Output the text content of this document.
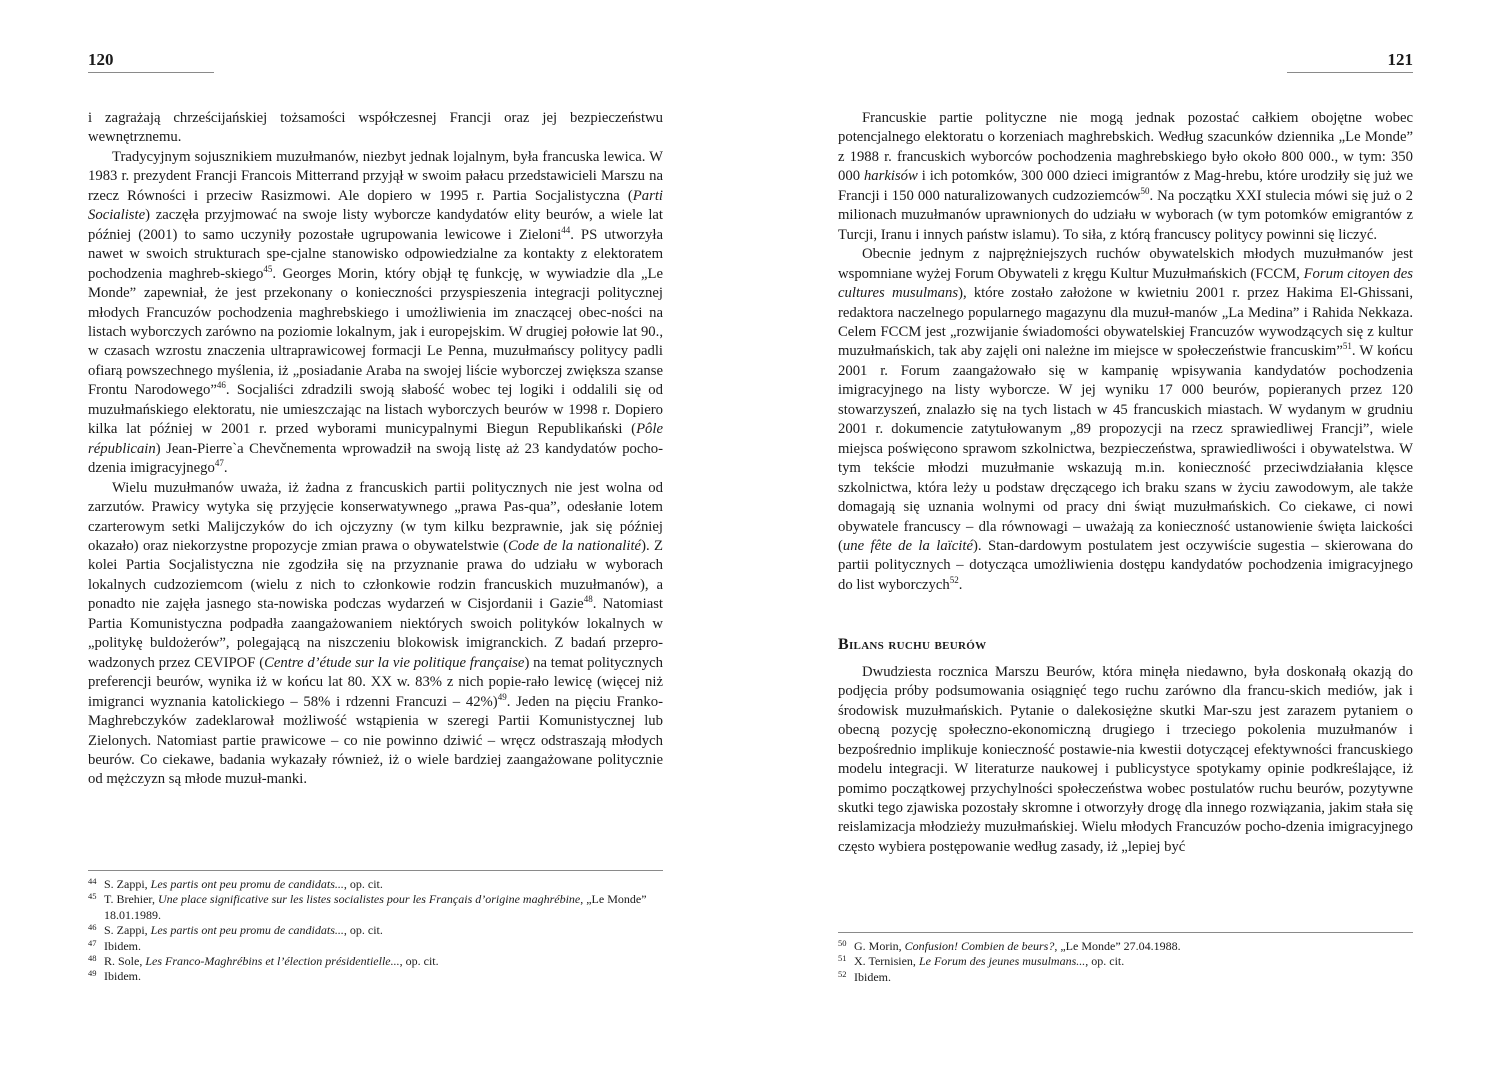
120

i zagrażają chrześcijańskiej tożsamości współczesnej Francji oraz jej bezpieczeństwu wewnętrznemu.

Tradycyjnym sojusznikiem muzułmanów, niezbyt jednak lojalnym, była francuska lewica. W 1983 r. prezydent Francji Francois Mitterrand przyjął w swoim pałacu przedstawicieli Marszu na rzecz Równości i przeciw Rasizmowi. Ale dopiero w 1995 r. Partia Socjalistyczna (Parti Socialiste) zaczęła przyjmować na swoje listy wyborcze kandydatów elity beurów, a wiele lat później (2001) to samo uczyniły pozostałe ugrupowania lewicowe i Zieloni$^{44}$. PS utworzyła nawet w swoich strukturach spe-cjalne stanowisko odpowiedzialne za kontakty z elektoratem pochodzenia maghreb-skiego$^{45}$. Georges Morin, który objął tę funkcję, w wywiadzie dla „Le Monde” zapewniał, że jest przekonany o konieczności przyspieszenia integracji politycznej młodych Francuzów pochodzenia maghrebskiego i umożliwienia im znaczącej obec-ności na listach wyborczych zarówno na poziomie lokalnym, jak i europejskim. W drugiej połowie lat 90., w czasach wzrostu znaczenia ultraprawicowej formacji Le Penna, muzułmańscy politycy padli ofiarą powszechnego myślenia, iż „posiadanie Araba na swojej liście wyborczej zwiększa szanse Frontu Narodowego”$^{46}$. Socjaliści zdradzili swoją słabość wobec tej logiki i oddalili się od muzułmańskiego elektoratu, nie umieszczając na listach wyborczych beurów w 1998 r. Dopiero kilka lat później w 2001 r. przed wyborami municypalnymi Biegun Republikański (Pôle républicain) Jean-Pierre`a Chevčnementa wprowadził na swoją listę aż 23 kandydatów pocho-dzenia imigracyjnego$^{47}$.

Wielu muzułmanów uważa, iż żadna z francuskich partii politycznych nie jest wolna od zarzutów. Prawicy wytyka się przyjęcie konserwatywnego „prawa Pas-qua”, odesłanie lotem czarterowym setki Malijczyków do ich ojczyzny (w tym kilku bezprawnie, jak się później okazało) oraz niekorzystne propozycje zmian prawa o obywatelstwie (Code de la nationalité). Z kolei Partia Socjalistyczna nie zgodziła się na przyznanie prawa do udziału w wyborach lokalnych cudzoziemcom (wielu z nich to członkowie rodzin francuskich muzułmanów), a ponadto nie zajęła jasnego sta-nowiska podczas wydarzeń w Cisjordanii i Gazie$^{48}$. Natomiast Partia Komunistyczna podpadła zaangażowaniem niektórych swoich polityków lokalnych w „politykę buldożerów”, polegającą na niszczeniu blokowisk imigranckich. Z badań przepro-wadzonych przez CEVIPOF (Centre d’étude sur la vie politique française) na temat politycznych preferencji beurów, wynika iż w końcu lat 80. XX w. 83% z nich popie-rało lewicę (więcej niż imigranci wyznania katolickiego – 58% i rdzenni Francuzi – 42%)$^{49}$. Jeden na pięciu Franko-Maghrebczyków zadeklarował możliwość wstąpienia w szeregi Partii Komunistycznej lub Zielonych. Natomiast partie prawicowe – co nie powinno dziwić – wręcz odstraszają młodych beurów. Co ciekawe, badania wykazały również, iż o wiele bardziej zaangażowane politycznie od mężczyzn są młode muzuł-manki.

44 S. Zappi, Les partis ont peu promu de candidats..., op. cit.
45 T. Brehier, Une place significative sur les listes socialistes pour les Français d’origine maghrébine, „Le Monde” 18.01.1989.
46 S. Zappi, Les partis ont peu promu de candidats..., op. cit.
47 Ibidem.
48 R. Sole, Les Franco-Maghrébins et l’élection présidentielle..., op. cit.
49 Ibidem.
121

Francuskie partie polityczne nie mogą jednak pozostać całkiem obojętne wobec potencjalnego elektoratu o korzeniach maghrebskich. Według szacunków dziennika „Le Monde” z 1988 r. francuskich wyborców pochodzenia maghrebskiego było około 800 000., w tym: 350 000 harkisów i ich potomków, 300 000 dzieci imigrantów z Mag-hrebu, które urodziły się już we Francji i 150 000 naturalizowanych cudzoziemców$^{50}$. Na początku XXI stulecia mówi się już o 2 milionach muzułmanów uprawnionych do udziału w wyborach (w tym potomków emigrantów z Turcji, Iranu i innych państw islamu). To siła, z którą francuscy politycy powinni się liczyć.

Obecnie jednym z najprężniejszych ruchów obywatelskich młodych muzułmanów jest wspomniane wyżej Forum Obywateli z kręgu Kultur Muzułmańskich (FCCM, Forum citoyen des cultures musulmans), które zostało założone w kwietniu 2001 r. przez Hakima El-Ghissani, redaktora naczelnego popularnego magazynu dla muzuł-manów „La Medina” i Rahida Nekkaza. Celem FCCM jest „rozwijanie świadomości obywatelskiej Francuzów wywodzących się z kultur muzułmańskich, tak aby zajęli oni należne im miejsce w społeczeństwie francuskim”$^{51}$. W końcu 2001 r. Forum zaangażowało się w kampanię wpisywania kandydatów pochodzenia imigracyjnego na listy wyborcze. W jej wyniku 17 000 beurów, popieranych przez 120 stowarzyszeń, znalazło się na tych listach w 45 francuskich miastach. W wydanym w grudniu 2001 r. dokumencie zatytułowanym „89 propozycji na rzecz sprawiedliwej Francji”, wiele miejsca poświęcono sprawom szkolnictwa, bezpieczeństwa, sprawiedliwości i obywatelstwa. W tym tekście młodzi muzułmanie wskazują m.in. konieczność przeciwdziałania klęsce szkolnictwa, która leży u podstaw dręczącego ich braku szans w życiu zawodowym, ale także domagają się uznania wolnymi od pracy dni świąt muzułmańskich. Co ciekawe, ci nowi obywatele francuscy – dla równowagi – uważają za konieczność ustanowienie święta laickości (une fête de la laïcité). Stan-dardowym postulatem jest oczywiście sugestia – skierowana do partii politycznych – dotycząca umożliwienia dostępu kandydatów pochodzenia imigracyjnego do list wyborczych$^{52}$.

Bilans ruchu beurów

Dwudziesta rocznica Marszu Beurów, która minęła niedawno, była doskonałą okazją do podjęcia próby podsumowania osiągnięć tego ruchu zarówno dla francu-skich mediów, jak i środowisk muzułmańskich. Pytanie o dalekosiężne skutki Mar-szu jest zarazem pytaniem o obecną pozycję społeczno-ekonomiczną drugiego i trzeciego pokolenia muzułmanów i bezpośrednio implikuje konieczność postawie-nia kwestii dotyczącej efektywności francuskiego modelu integracji. W literaturze naukowej i publicystyce spotykamy opinie podkreślające, iż pomimo początkowej przychylności społeczeństwa wobec postulatów ruchu beurów, pozytywne skutki tego zjawiska pozostały skromne i otworzyły drogę dla innego rozwiązania, jakim stała się reislamizacja młodzieży muzułmańskiej. Wielu młodych Francuzów pocho-dzenia imigracyjnego często wybiera postępowanie według zasady, iż „lepiej być

50 G. Morin, Confusion! Combien de beurs?, „Le Monde” 27.04.1988.
51 X. Ternisien, Le Forum des jeunes musulmans..., op. cit.
52 Ibidem.
